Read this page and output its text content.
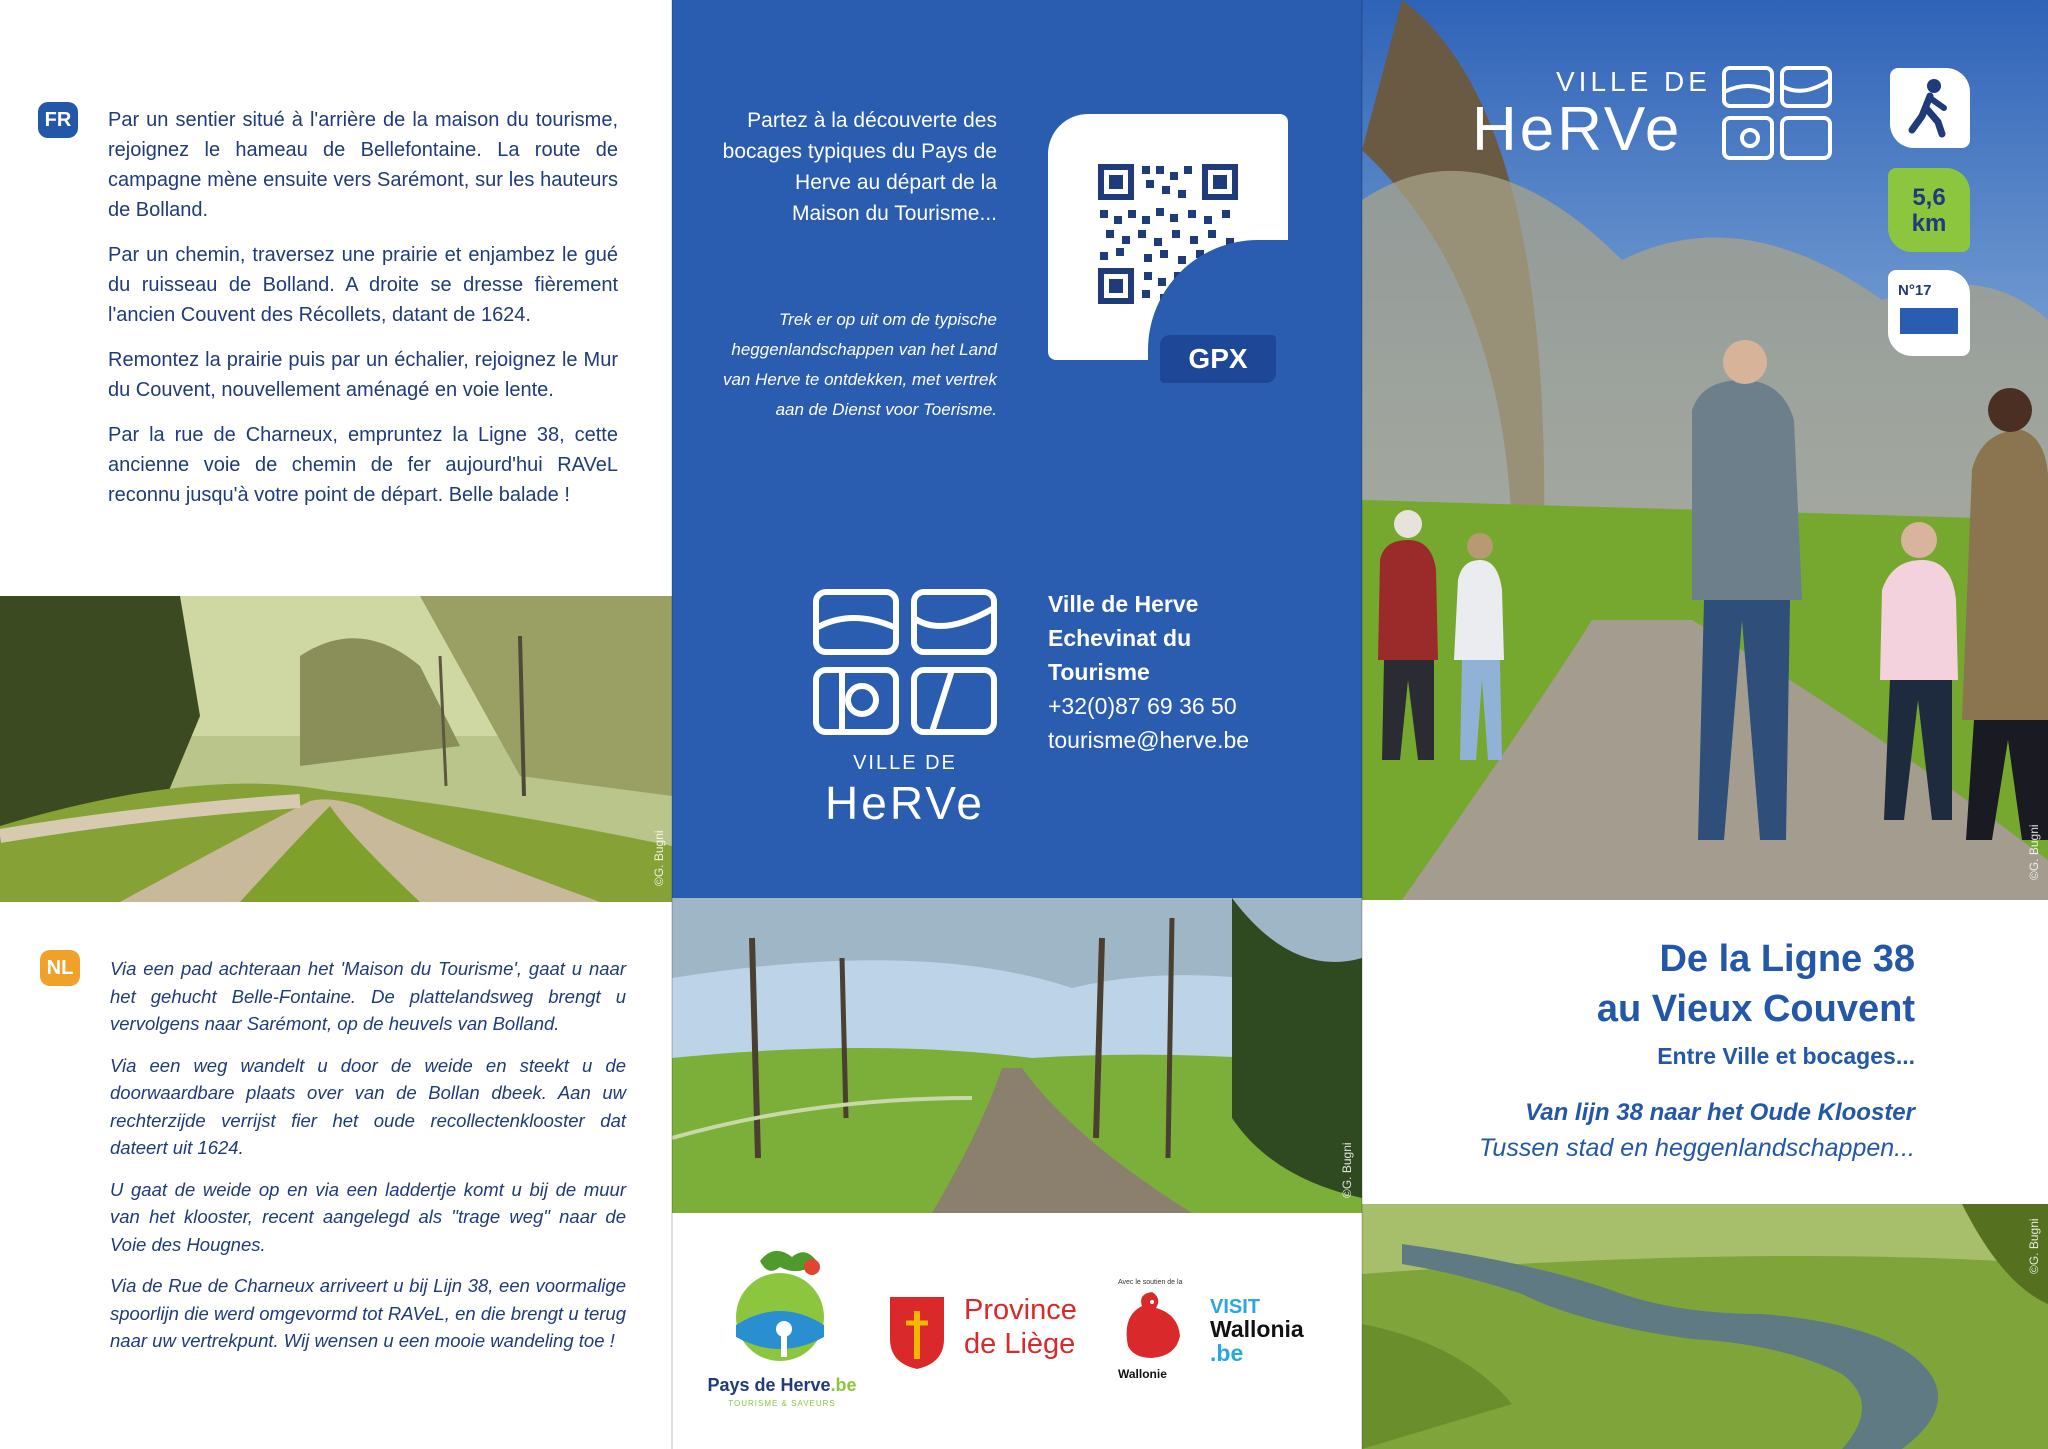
FR	Par un sentier situé à l'arrière de la maison du tourisme, rejoignez le hameau de Bellefontaine. La route de campagne mène ensuite vers Sarémont, sur les hauteurs de Bolland.

Par un chemin, traversez une prairie et enjambez le gué du ruisseau de Bolland. A droite se dresse fièrement l'ancien Couvent des Récollets, datant de 1624.

Remontez la prairie puis par un échalier, rejoignez le Mur du Couvent, nouvellement aménagé en voie lente.

Par la rue de Charneux, empruntez la Ligne 38, cette ancienne voie de chemin de fer aujourd'hui RAVeL reconnu jusqu'à votre point de départ. Belle balade !

©G. Bugni
NL	Via een pad achteraan het 'Maison du Tourisme', gaat u naar het gehucht Belle-Fontaine. De plattelandsweg brengt u vervolgens naar Sarémont, op de heuvels van Bolland.

Via een weg wandelt u door de weide en steekt u de doorwaardbare plaats over van de Bollan dbeek. Aan uw rechterzijde verrijst fier het oude recollectenklooster dat dateert uit 1624.

U gaat de weide op en via een laddertje komt u bij de muur van het klooster, recent aangelegd als "trage weg" naar de Voie des Hougnes.

Via de Rue de Charneux arriveert u bij Lijn 38, een voormalige spoorlijn die werd omgevormd tot RAVeL, en die brengt u terug naar uw vertrekpunt. Wij wensen u een mooie wandeling toe !

Partez à la découverte des bocages typiques du Pays de Herve au départ de la Maison du Tourisme...
Trek er op uit om de typische heggenlandschappen van het Land van Herve te ontdekken, met vertrek aan de Dienst voor Toerisme.
GPX
VILLE DE
HeRVe
Ville de Herve
Echevinat du
Tourisme
+32(0)87 69 36 50
tourisme@herve.be
©G. Bugni
Pays de Herve.be
TOURISME & SAVEURS
Province
de Liège
Avec le soutien de la
Wallonie
VISIT
Wallonia
.be
©G. Bugni
VILLE DE
HeRVe
5,6
km
N°17
De la Ligne 38
au Vieux Couvent
Entre Ville et bocages...
Van lijn 38 naar het Oude Klooster
Tussen stad en heggenlandschappen...
©G. Bugni
